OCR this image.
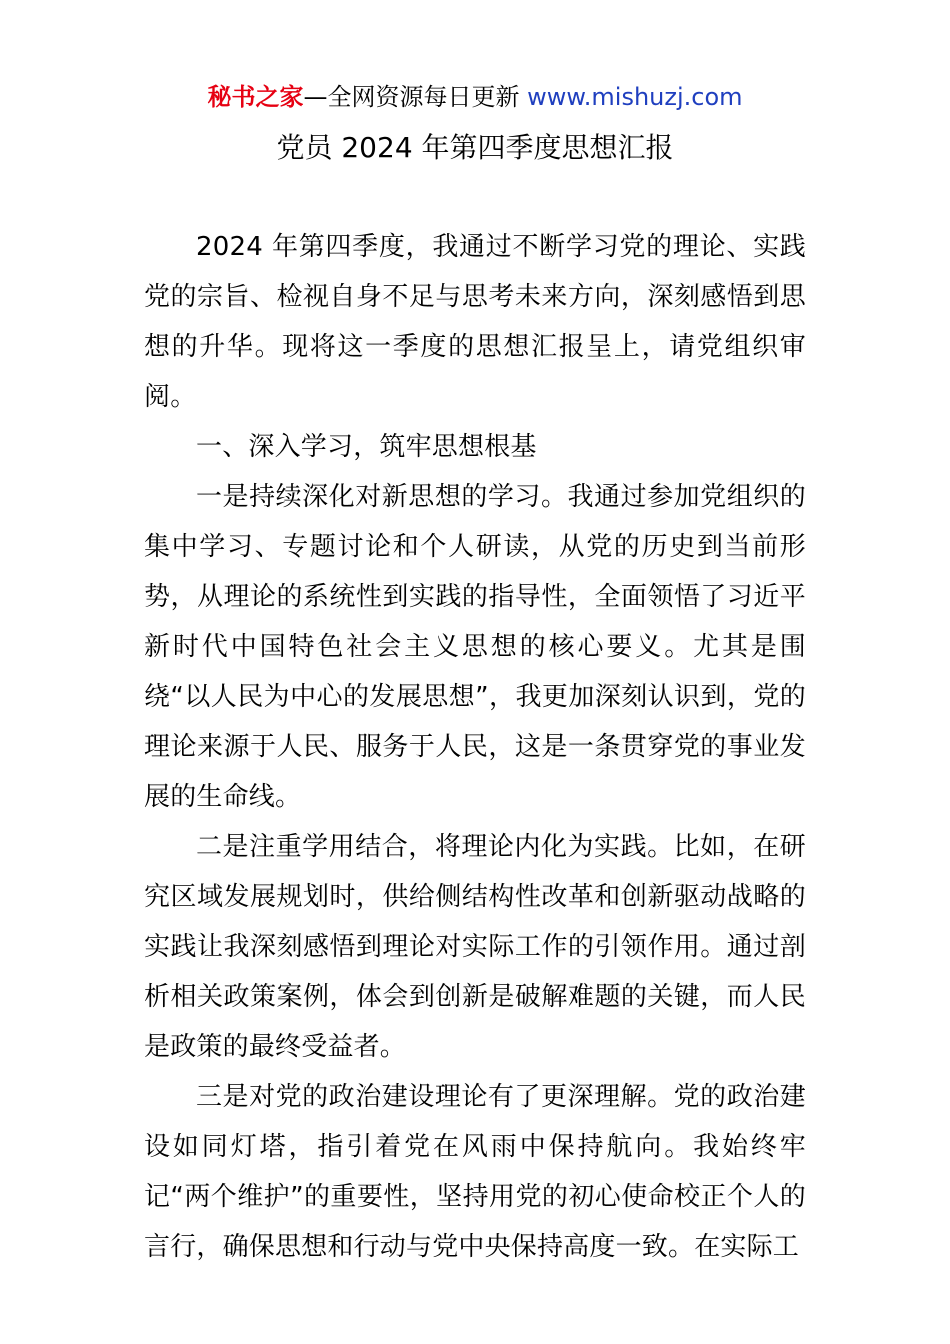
秘书之家—全网资源每日更新 www.mishuzj.com
党员 2024 年第四季度思想汇报

2024 年第四季度，我通过不断学习党的理论、实践党的宗旨、检视自身不足与思考未来方向，深刻感悟到思想的升华。现将这一季度的思想汇报呈上，请党组织审阅。

一、深入学习，筑牢思想根基

一是持续深化对新思想的学习。我通过参加党组织的集中学习、专题讨论和个人研读，从党的历史到当前形势，从理论的系统性到实践的指导性，全面领悟了习近平新时代中国特色社会主义思想的核心要义。尤其是围绕“以人民为中心的发展思想”，我更加深刻认识到，党的理论来源于人民、服务于人民，这是一条贯穿党的事业发展的生命线。

二是注重学用结合，将理论内化为实践。比如，在研究区域发展规划时，供给侧结构性改革和创新驱动战略的实践让我深刻感悟到理论对实际工作的引领作用。通过剖析相关政策案例，体会到创新是破解难题的关键，而人民是政策的最终受益者。

三是对党的政治建设理论有了更深理解。党的政治建设如同灯塔，指引着党在风雨中保持航向。我始终牢记“两个维护”的重要性，坚持用党的初心使命校正个人的言行，确保思想和行动与党中央保持高度一致。在实际工
